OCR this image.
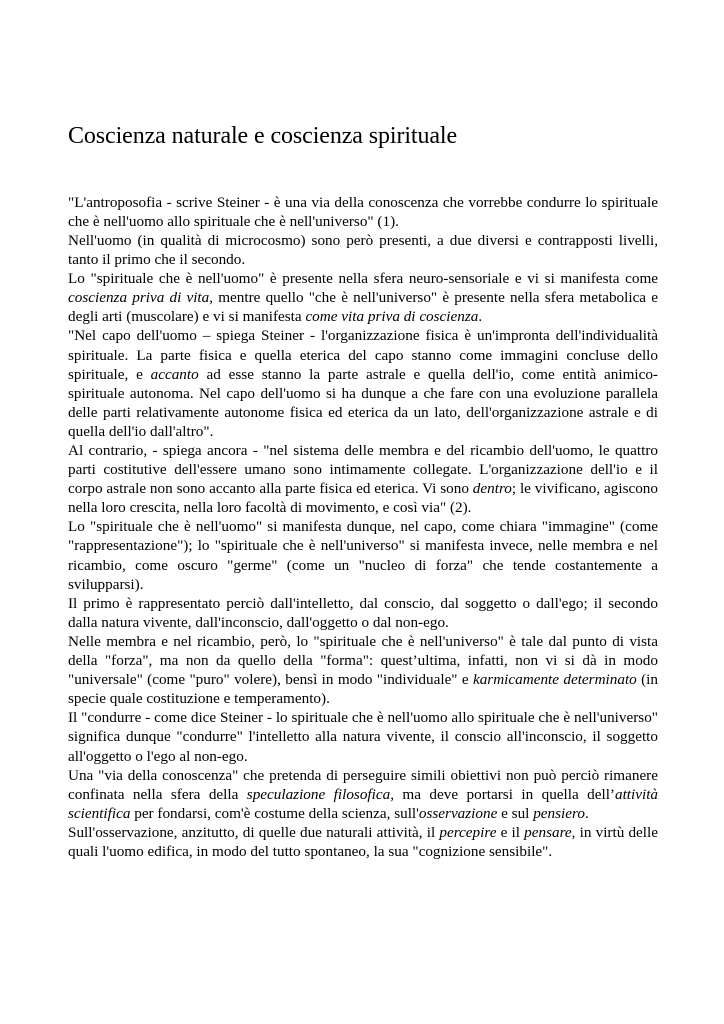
Coscienza naturale e coscienza spirituale

"L'antroposofia - scrive Steiner - è una via della conoscenza che vorrebbe condurre lo spirituale che è nell'uomo allo spirituale che è nell'universo" (1).

Nell'uomo (in qualità di microcosmo) sono però presenti, a due diversi e contrapposti livelli, tanto il primo che il secondo.

Lo "spirituale che è nell'uomo" è presente nella sfera neuro-sensoriale e vi si manifesta come coscienza priva di vita, mentre quello "che è nell'universo" è presente nella sfera metabolica e degli arti (muscolare) e vi si manifesta come vita priva di coscienza.

"Nel capo dell'uomo – spiega Steiner - l'organizzazione fisica è un'impronta dell'individualità spirituale. La parte fisica e quella eterica del capo stanno come immagini concluse dello spirituale, e accanto ad esse stanno la parte astrale e quella dell'io, come entità animico-spirituale autonoma. Nel capo dell'uomo si ha dunque a che fare con una evoluzione parallela delle parti relativamente autonome fisica ed eterica da un lato, dell'organizzazione astrale e di quella dell'io dall'altro".

Al contrario, - spiega ancora - "nel sistema delle membra e del ricambio dell'uomo, le quattro parti costitutive dell'essere umano sono intimamente collegate. L'organizzazione dell'io e il corpo astrale non sono accanto alla parte fisica ed eterica. Vi sono dentro; le vivificano, agiscono nella loro crescita, nella loro facoltà di movimento, e così via" (2).

Lo "spirituale che è nell'uomo" si manifesta dunque, nel capo, come chiara "immagine" (come "rappresentazione"); lo "spirituale che è nell'universo" si manifesta invece, nelle membra e nel ricambio, come oscuro "germe" (come un "nucleo di forza" che tende costantemente a svilupparsi).

Il primo è rappresentato perciò dall'intelletto, dal conscio, dal soggetto o dall'ego; il secondo dalla natura vivente, dall'inconscio, dall'oggetto o dal non-ego.

Nelle membra e nel ricambio, però, lo "spirituale che è nell'universo" è tale dal punto di vista della "forza", ma non da quello della "forma": quest’ultima, infatti, non vi si dà in modo "universale" (come "puro" volere), bensì in modo "individuale" e karmicamente determinato (in specie quale costituzione e temperamento).

Il "condurre - come dice Steiner - lo spirituale che è nell'uomo allo spirituale che è nell'universo" significa dunque "condurre" l'intelletto alla natura vivente, il conscio all'inconscio, il soggetto all'oggetto o l'ego al non-ego.

Una "via della conoscenza" che pretenda di perseguire simili obiettivi non può perciò rimanere confinata nella sfera della speculazione filosofica, ma deve portarsi in quella dell’attività scientifica per fondarsi, com'è costume della scienza, sull'osservazione e sul pensiero.

Sull'osservazione, anzitutto, di quelle due naturali attività, il percepire e il pensare, in virtù delle quali l'uomo edifica, in modo del tutto spontaneo, la sua "cognizione sensibile".
